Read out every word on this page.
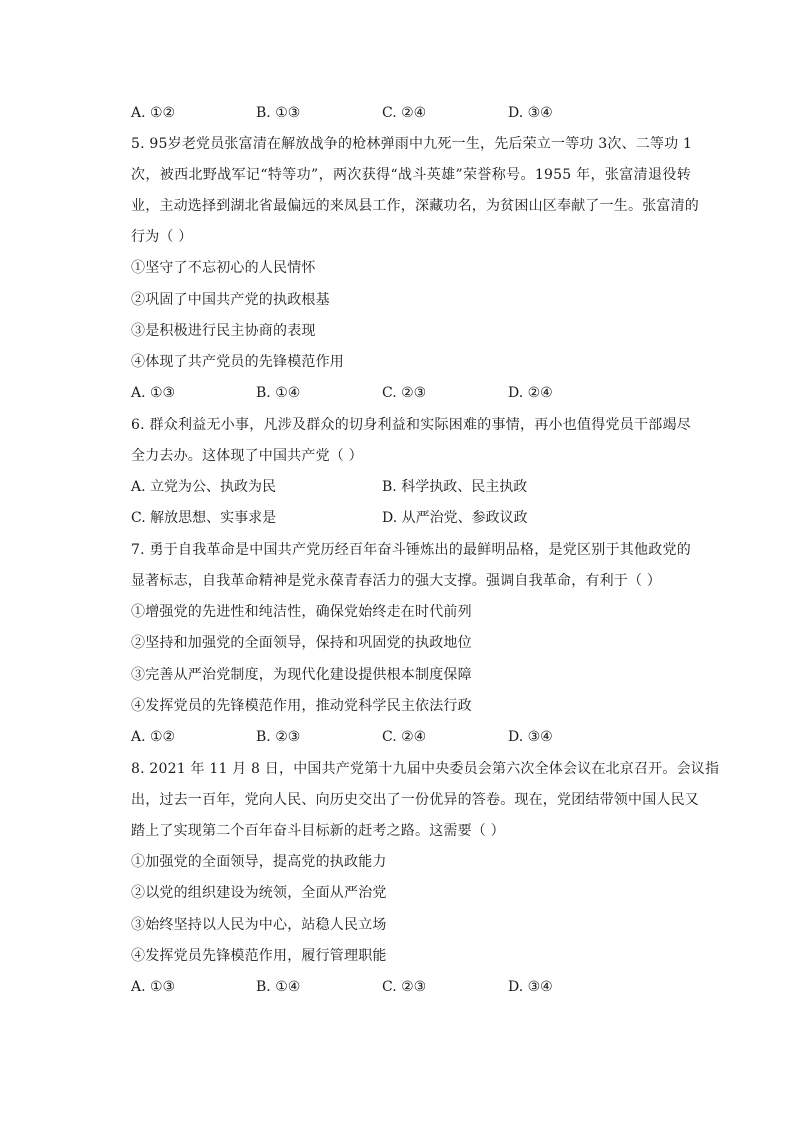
A. ①②	B. ①③	C. ②④	D. ③④
5. 95岁老党员张富清在解放战争的枪林弹雨中九死一生，先后荣立一等功 3次、二等功 1
次，被西北野战军记“特等功”，两次获得“战斗英雄”荣誉称号。1955 年，张富清退役转
业，主动选择到湖北省最偏远的来凤县工作，深藏功名，为贫困山区奉献了一生。张富清的
行为（ ）
①坚守了不忘初心的人民情怀
②巩固了中国共产党的执政根基
③是积极进行民主协商的表现
④体现了共产党员的先锋模范作用
A. ①③	B. ①④	C. ②③	D. ②④
6. 群众利益无小事，凡涉及群众的切身利益和实际困难的事情，再小也值得党员干部竭尽
全力去办。这体现了中国共产党（ ）
A. 立党为公、执政为民	B. 科学执政、民主执政
C. 解放思想、实事求是	D. 从严治党、参政议政
7. 勇于自我革命是中国共产党历经百年奋斗锤炼出的最鲜明品格，是党区别于其他政党的
显著标志，自我革命精神是党永葆青春活力的强大支撑。强调自我革命，有利于（ ）
①增强党的先进性和纯洁性，确保党始终走在时代前列
②坚持和加强党的全面领导，保持和巩固党的执政地位
③完善从严治党制度，为现代化建设提供根本制度保障
④发挥党员的先锋模范作用，推动党科学民主依法行政
A. ①②	B. ②③	C. ②④	D. ③④
8. 2021 年 11 月 8 日，中国共产党第十九届中央委员会第六次全体会议在北京召开。会议指
出，过去一百年，党向人民、向历史交出了一份优异的答卷。现在，党团结带领中国人民又
踏上了实现第二个百年奋斗目标新的赶考之路。这需要（ ）
①加强党的全面领导，提高党的执政能力
②以党的组织建设为统领，全面从严治党
③始终坚持以人民为中心，站稳人民立场
④发挥党员先锋模范作用，履行管理职能
A. ①③	B. ①④	C. ②③	D. ③④
